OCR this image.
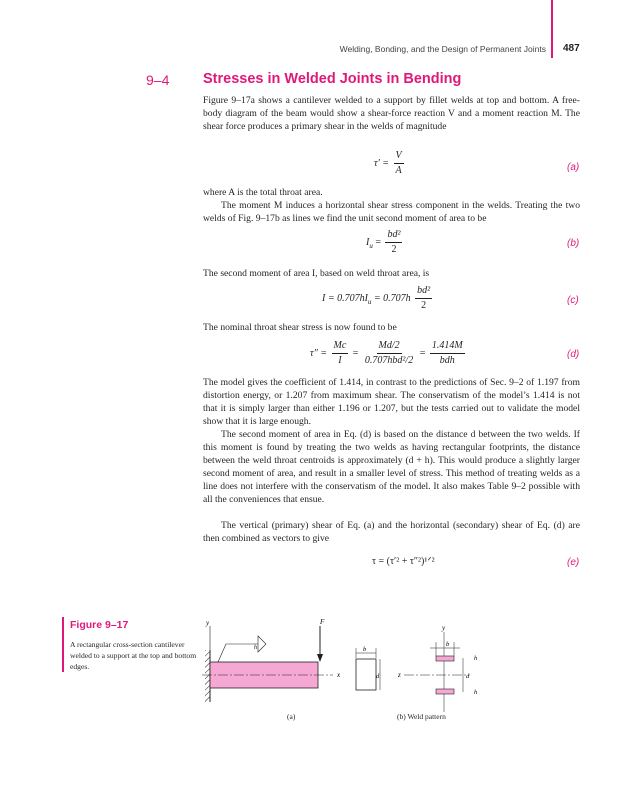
Welding, Bonding, and the Design of Permanent Joints 487
9–4 Stresses in Welded Joints in Bending

Figure 9–17a shows a cantilever welded to a support by fillet welds at top and bottom. A free-body diagram of the beam would show a shear-force reaction V and a moment reaction M. The shear force produces a primary shear in the welds of magnitude

$\tau' = \frac{V}{A}$	(a)

where A is the total throat area.

The moment M induces a horizontal shear stress component in the welds. Treating the two welds of Fig. 9–17b as lines we find the unit second moment of area to be

$I_u = \frac{\text{bd²}}{2}$	(b)

The second moment of area I, based on weld throat area, is

$I = 0.707hI_u = 0.707h \frac{\text{bd²}}{2}$	(c)

The nominal throat shear stress is now found to be

$\tau'' = \frac{Mc}{I} = \frac{Md/2}{\text{0.707hbd²/2}} = \frac{1.414M}{\text{bdh}}$	(d)

The model gives the coefficient of 1.414, in contrast to the predictions of Sec. 9–2 of 1.197 from distortion energy, or 1.207 from maximum shear. The conservatism of the model’s 1.414 is not that it is simply larger than either 1.196 or 1.207, but the tests carried out to validate the model show that it is large enough.

The second moment of area in Eq. (d) is based on the distance d between the two welds. If this moment is found by treating the two welds as having rectangular footprints, the distance between the weld throat centroids is approximately (d + h). This would produce a slightly larger second moment of area, and result in a smaller level of stress. This method of treating welds as a line does not interfere with the conservatism of the model. It also makes Table 9–2 possible with all the conveniences that ensue.

The vertical (primary) shear of Eq. (a) and the horizontal (secondary) shear of Eq. (d) are then combined as vectors to give

τ = (τ′² + τ″²)¹ᐟ²	(e)
Figure 9–17
A rectangular cross-section cantilever welded to a support at the top and bottom edges.
y
x
F
h	b
d
y
z
b
d
h
h
(a)	(b) Weld pattern
